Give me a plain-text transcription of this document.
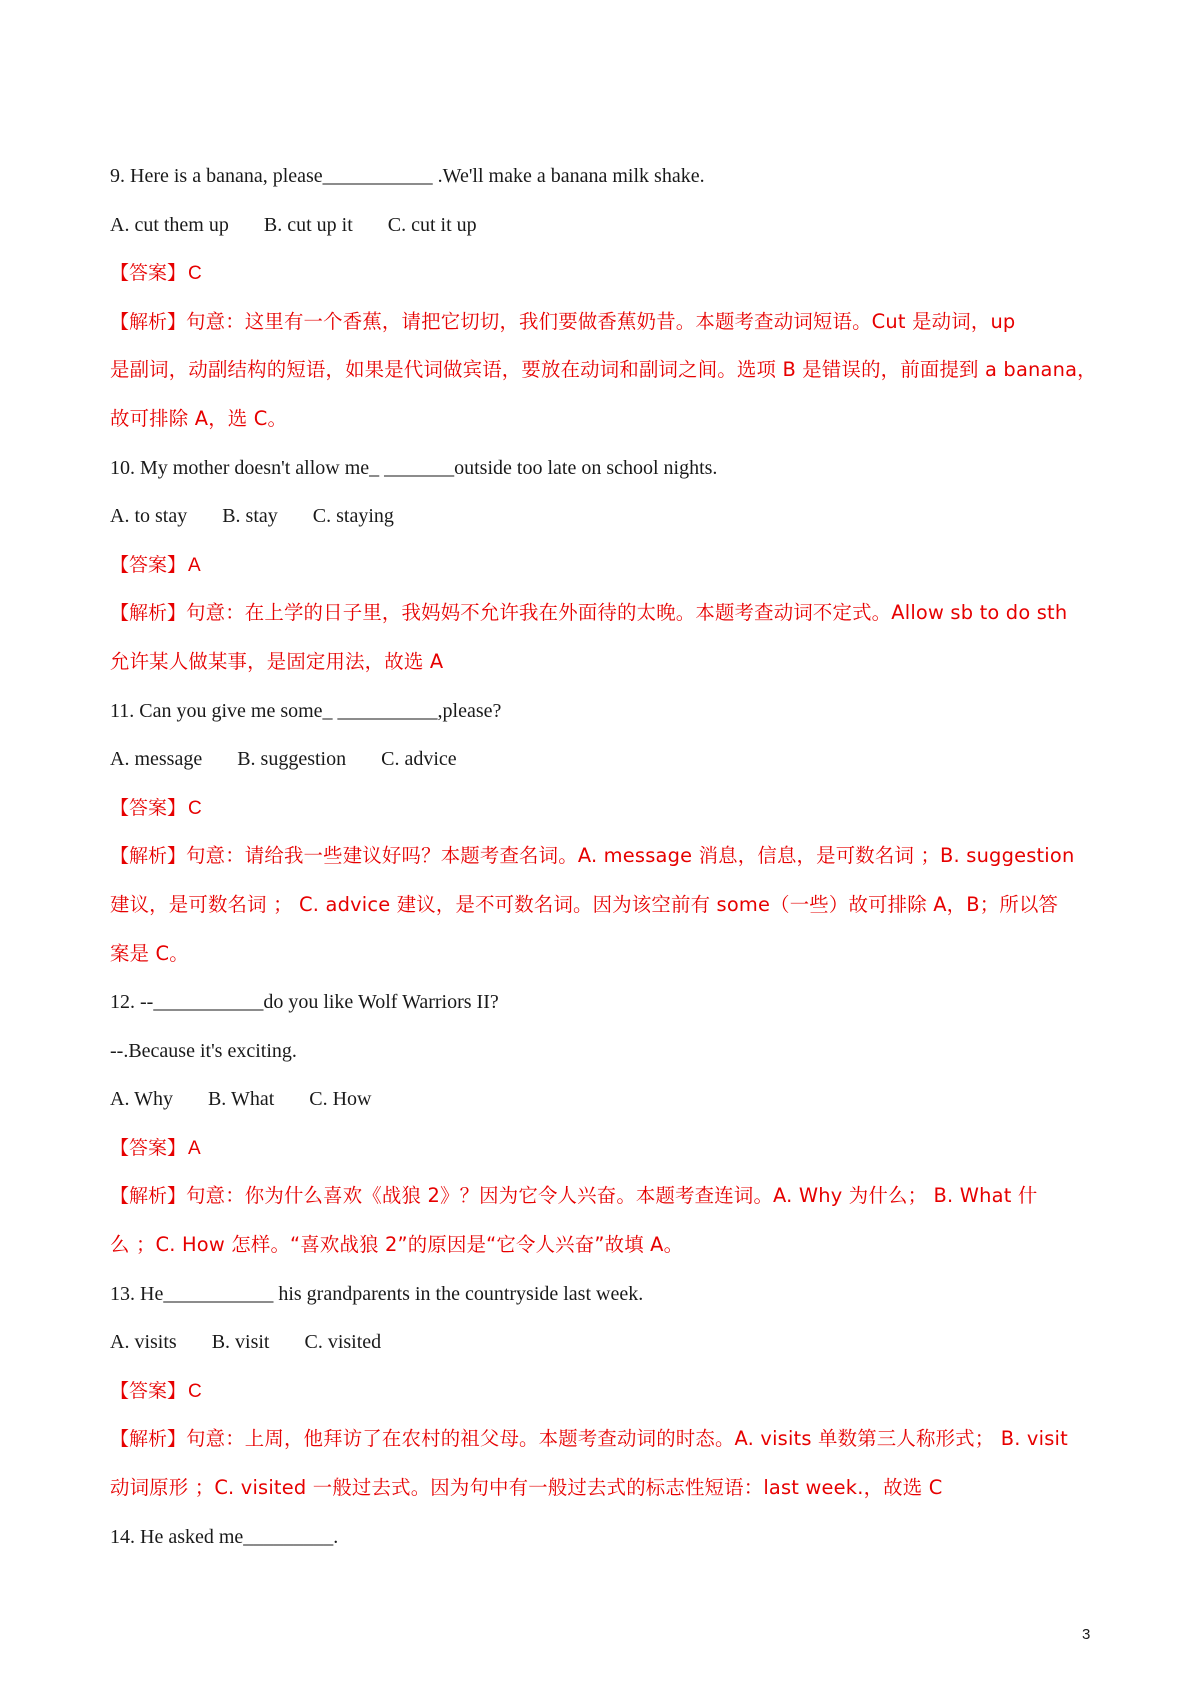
9. Here is a banana, please___________ .We'll make a banana milk shake.
A. cut them up B. cut up it C. cut it up
【答案】 C
【解析】句意：这里有一个香蕉，请把它切切，我们要做香蕉奶昔。本题考查动词短语。Cut 是动词，up
是副词，动副结构的短语，如果是代词做宾语，要放在动词和副词之间。选项 B 是错误的，前面提到 a banana，
故可排除 A，选 C。
10. My mother doesn't allow me_ _______outside too late on school nights.
A. to stay B. stay C. staying
【答案】 A
【解析】句意：在上学的日子里，我妈妈不允许我在外面待的太晚。本题考查动词不定式。Allow sb to do sth
允许某人做某事，是固定用法，故选 A
11. Can you give me some_ __________,please?
A. message B. suggestion C. advice
【答案】 C
【解析】句意：请给我一些建议好吗？本题考查名词。A. message 消息，信息，是可数名词 ；B. suggestion
建议，是可数名词 ； C. advice 建议，是不可数名词。因为该空前有 some（一些）故可排除 A，B；所以答
案是 C。
12. --___________do you like Wolf Warriors II?
--.Because it's exciting.
A. Why B. What C. How
【答案】 A
【解析】句意：你为什么喜欢《战狼 2》？因为它令人兴奋。本题考查连词。A. Why 为什么； B. What 什
么 ；C. How 怎样。“喜欢战狼 2”的原因是“它令人兴奋”故填 A。
13. He___________ his grandparents in the countryside last week.
A. visits B. visit C. visited
【答案】 C
【解析】句意：上周，他拜访了在农村的祖父母。本题考查动词的时态。A. visits 单数第三人称形式； B. visit
动词原形 ；C. visited 一般过去式。因为句中有一般过去式的标志性短语：last week.，故选 C
14. He asked me_________.
3
